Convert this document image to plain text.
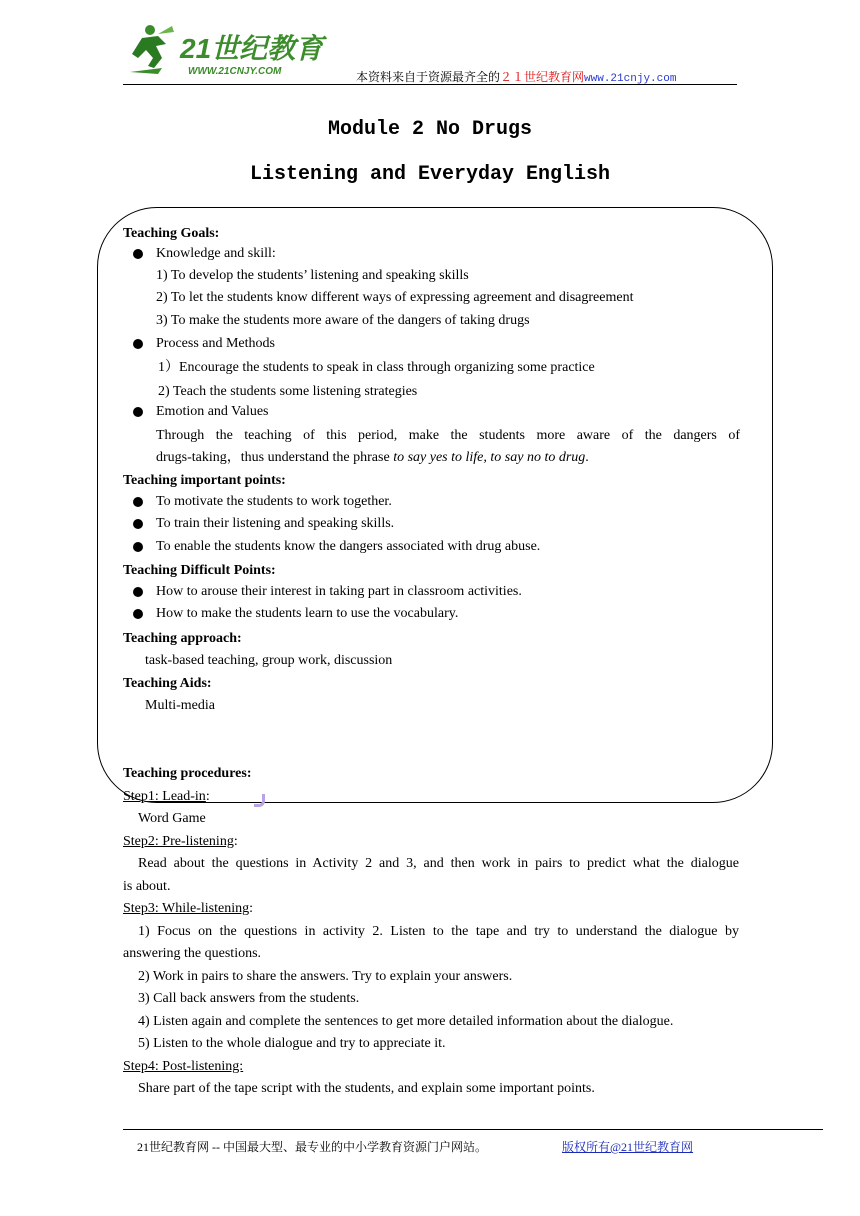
21世纪教育
WWW.21CNJY.COM	本资料来自于资源最齐全的２１世纪教育网www.21cnjy.com
Module 2 No Drugs
Listening and Everyday English
Teaching Goals:
Knowledge and skill:
1) To develop the students’ listening and speaking skills
2) To let the students know different ways of expressing agreement and disagreement
3) To make the students more aware of the dangers of taking drugs
Process and Methods
1）Encourage the students to speak in class through organizing some practice
2) Teach the students some listening strategies
Emotion and Values
Through the teaching of this period, make the students more aware of the dangers of
drugs-taking，thus understand the phrase to say yes to life, to say no to drug.
Teaching important points:
To motivate the students to work together.
To train their listening and speaking skills.
To enable the students know the dangers associated with drug abuse.
Teaching Difficult Points:
How to arouse their interest in taking part in classroom activities.
How to make the students learn to use the vocabulary.
Teaching approach:
task-based teaching, group work, discussion
Teaching Aids:
Multi-media
Teaching procedures:
Step1: Lead-in:
Word Game
Step2: Pre-listening:
Read about the questions in Activity 2 and 3, and then work in pairs to predict what the dialogue
is about.
Step3: While-listening:
1) Focus on the questions in activity 2. Listen to the tape and try to understand the dialogue by
answering the questions.
2) Work in pairs to share the answers. Try to explain your answers.
3) Call back answers from the students.
4) Listen again and complete the sentences to get more detailed information about the dialogue.
5) Listen to the whole dialogue and try to appreciate it.
Step4: Post-listening:
Share part of the tape script with the students, and explain some important points.
21世纪教育网 -- 中国最大型、最专业的中小学教育资源门户网站。	版权所有@21世纪教育网
